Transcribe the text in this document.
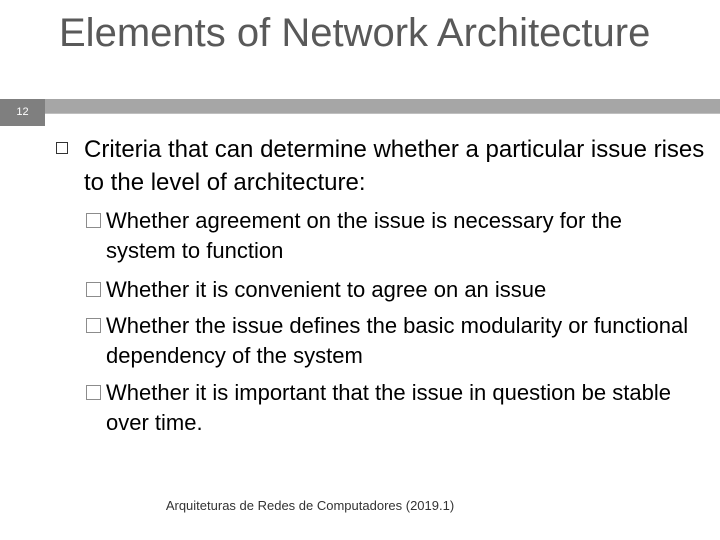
12
Elements of Network Architecture
Criteria that can determine whether a particular issue rises to the level of architecture:
Whether agreement on the issue is necessary for the system to function
Whether it is convenient to agree on an issue
Whether the issue defines the basic modularity or functional dependency of the system
Whether it is important that the issue in question be stable over time.
Arquiteturas de Redes de Computadores (2019.1)
